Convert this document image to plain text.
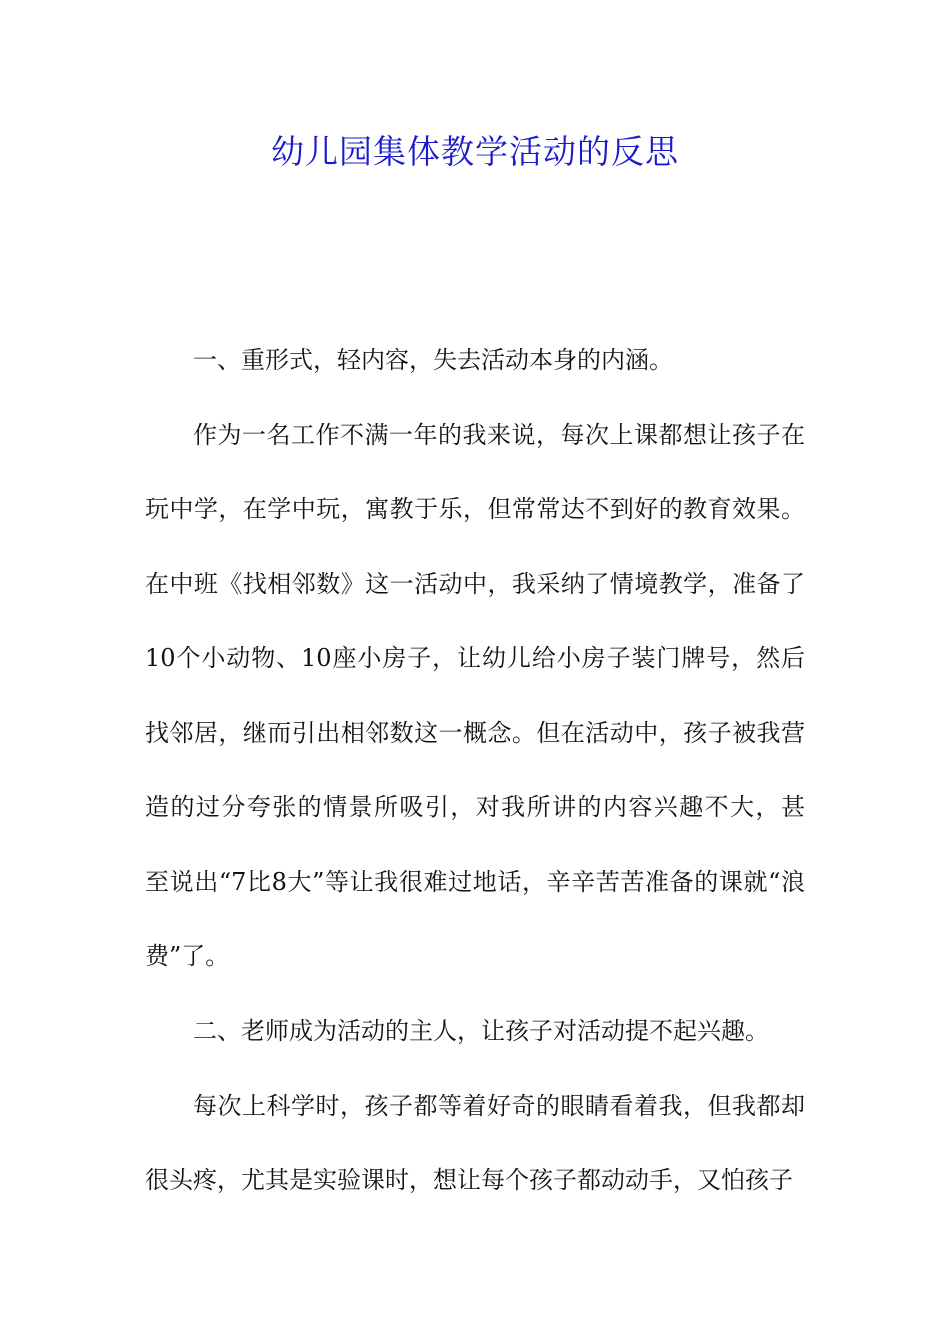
幼儿园集体教学活动的反思

一、重形式，轻内容，失去活动本身的内涵。

作为一名工作不满一年的我来说，每次上课都想让孩子在玩中学，在学中玩，寓教于乐，但常常达不到好的教育效果。在中班《找相邻数》这一活动中，我采纳了情境教学，准备了10个小动物、10座小房子，让幼儿给小房子装门牌号，然后找邻居，继而引出相邻数这一概念。但在活动中，孩子被我营造的过分夸张的情景所吸引，对我所讲的内容兴趣不大，甚　至说出“7比8大”等让我很难过地话，辛辛苦苦准备的课就“浪费”了。

二、老师成为活动的主人，让孩子对活动提不起兴趣。

每次上科学时，孩子都等着好奇的眼睛看着我，但我都却很头疼，尤其是实验课时，想让每个孩子都动动手，又怕孩子
